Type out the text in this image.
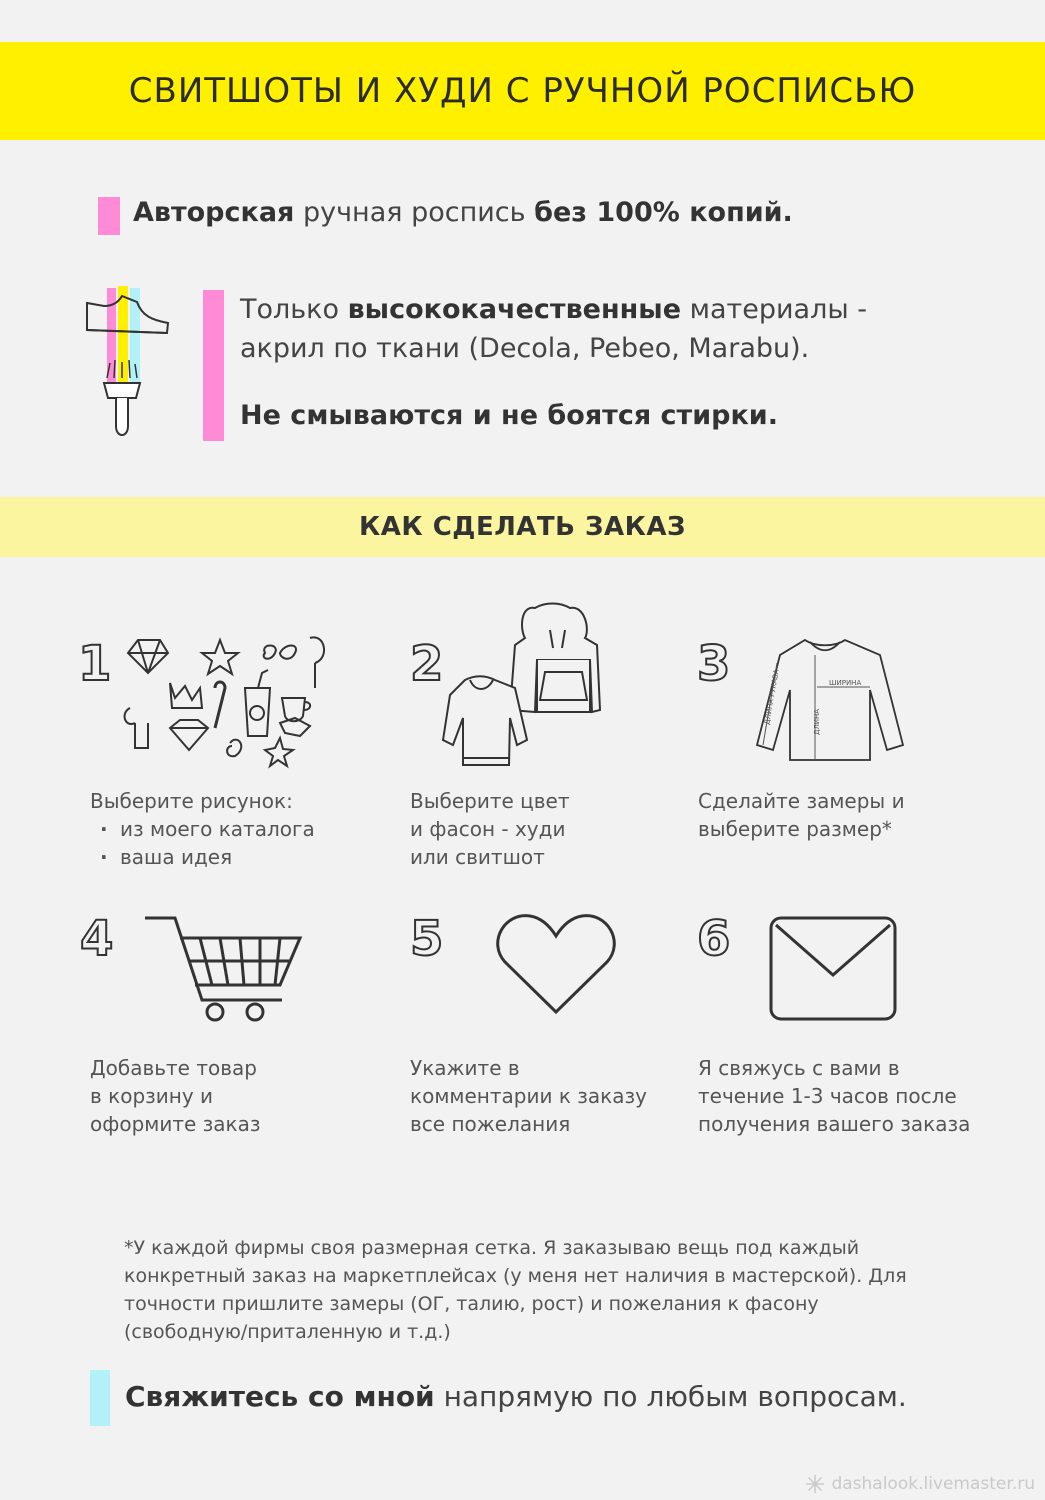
СВИТШОТЫ И ХУДИ С РУЧНОЙ РОСПИСЬЮ
Авторская ручная роспись без 100% копий.
Только высококачественные материалы -
акрил по ткани (Decola, Pebeo, Marabu).
Не смываются и не боятся стирки.
КАК СДЕЛАТЬ ЗАКАЗ
1	2	3
4	5	6
ШИРИНА
ДЛИНА
ДЛИНА РУКАВА
Выберите рисунок:
· из моего каталога
· ваша идея
Выберите цвет
и фасон - худи
или свитшот
Сделайте замеры и
выберите размер*
Добавьте товар
в корзину и
оформите заказ
Укажите в
комментарии к заказу
все пожелания
Я свяжусь с вами в
течение 1-3 часов после
получения вашего заказа
*У каждой фирмы своя размерная сетка. Я заказываю вещь под каждый конкретный заказ на маркетплейсах (у меня нет наличия в мастерской). Для точности пришлите замеры (ОГ, талию, рост) и пожелания к фасону (свободную/приталенную и т.д.)
Свяжитесь со мной напрямую по любым вопросам.
dashalook.livemaster.ru
